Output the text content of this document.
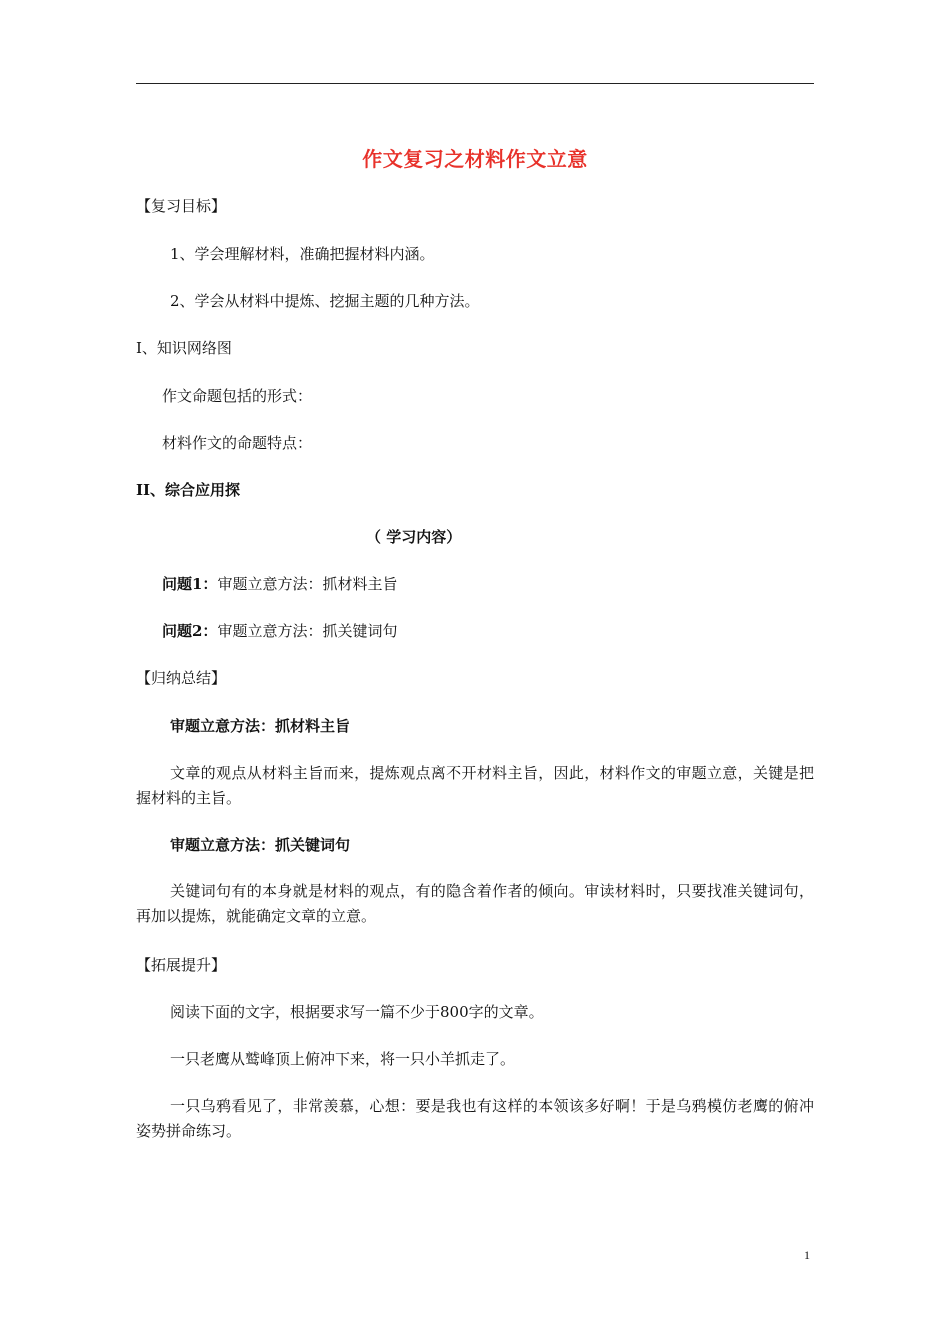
作文复习之材料作文立意
【复习目标】
1、学会理解材料，准确把握材料内涵。
2、学会从材料中提炼、挖掘主题的几种方法。
I、知识网络图
作文命题包括的形式：
材料作文的命题特点：
II、综合应用探
（ 学习内容）
问题1：审题立意方法：抓材料主旨
问题2：审题立意方法：抓关键词句
【归纳总结】
审题立意方法：抓材料主旨
文章的观点从材料主旨而来，提炼观点离不开材料主旨，因此，材料作文的审题立意，关键是把握材料的主旨。
审题立意方法：抓关键词句
关键词句有的本身就是材料的观点，有的隐含着作者的倾向。审读材料时，只要找准关键词句，再加以提炼，就能确定文章的立意。
【拓展提升】
阅读下面的文字，根据要求写一篇不少于800字的文章。
一只老鹰从鹫峰顶上俯冲下来，将一只小羊抓走了。
一只乌鸦看见了，非常羡慕，心想：要是我也有这样的本领该多好啊！于是乌鸦模仿老鹰的俯冲姿势拼命练习。
1
